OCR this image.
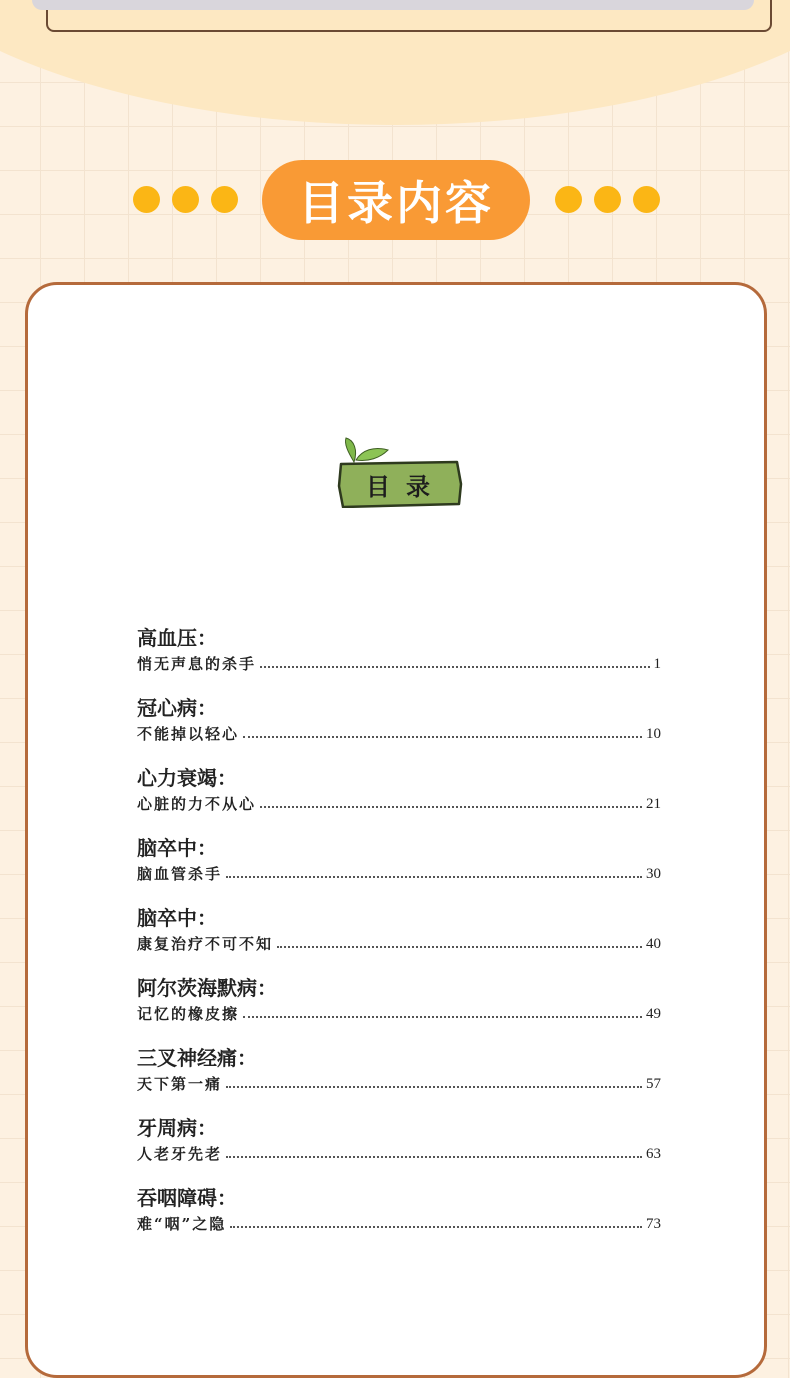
目录内容
目录
高血压：
悄无声息的杀手	1
冠心病：
不能掉以轻心	10
心力衰竭：
心脏的力不从心	21
脑卒中：
脑血管杀手	30
脑卒中：
康复治疗不可不知	40
阿尔茨海默病：
记忆的橡皮擦	49
三叉神经痛：
天下第一痛	57
牙周病：
人老牙先老	63
吞咽障碍：
难“咽”之隐	73
